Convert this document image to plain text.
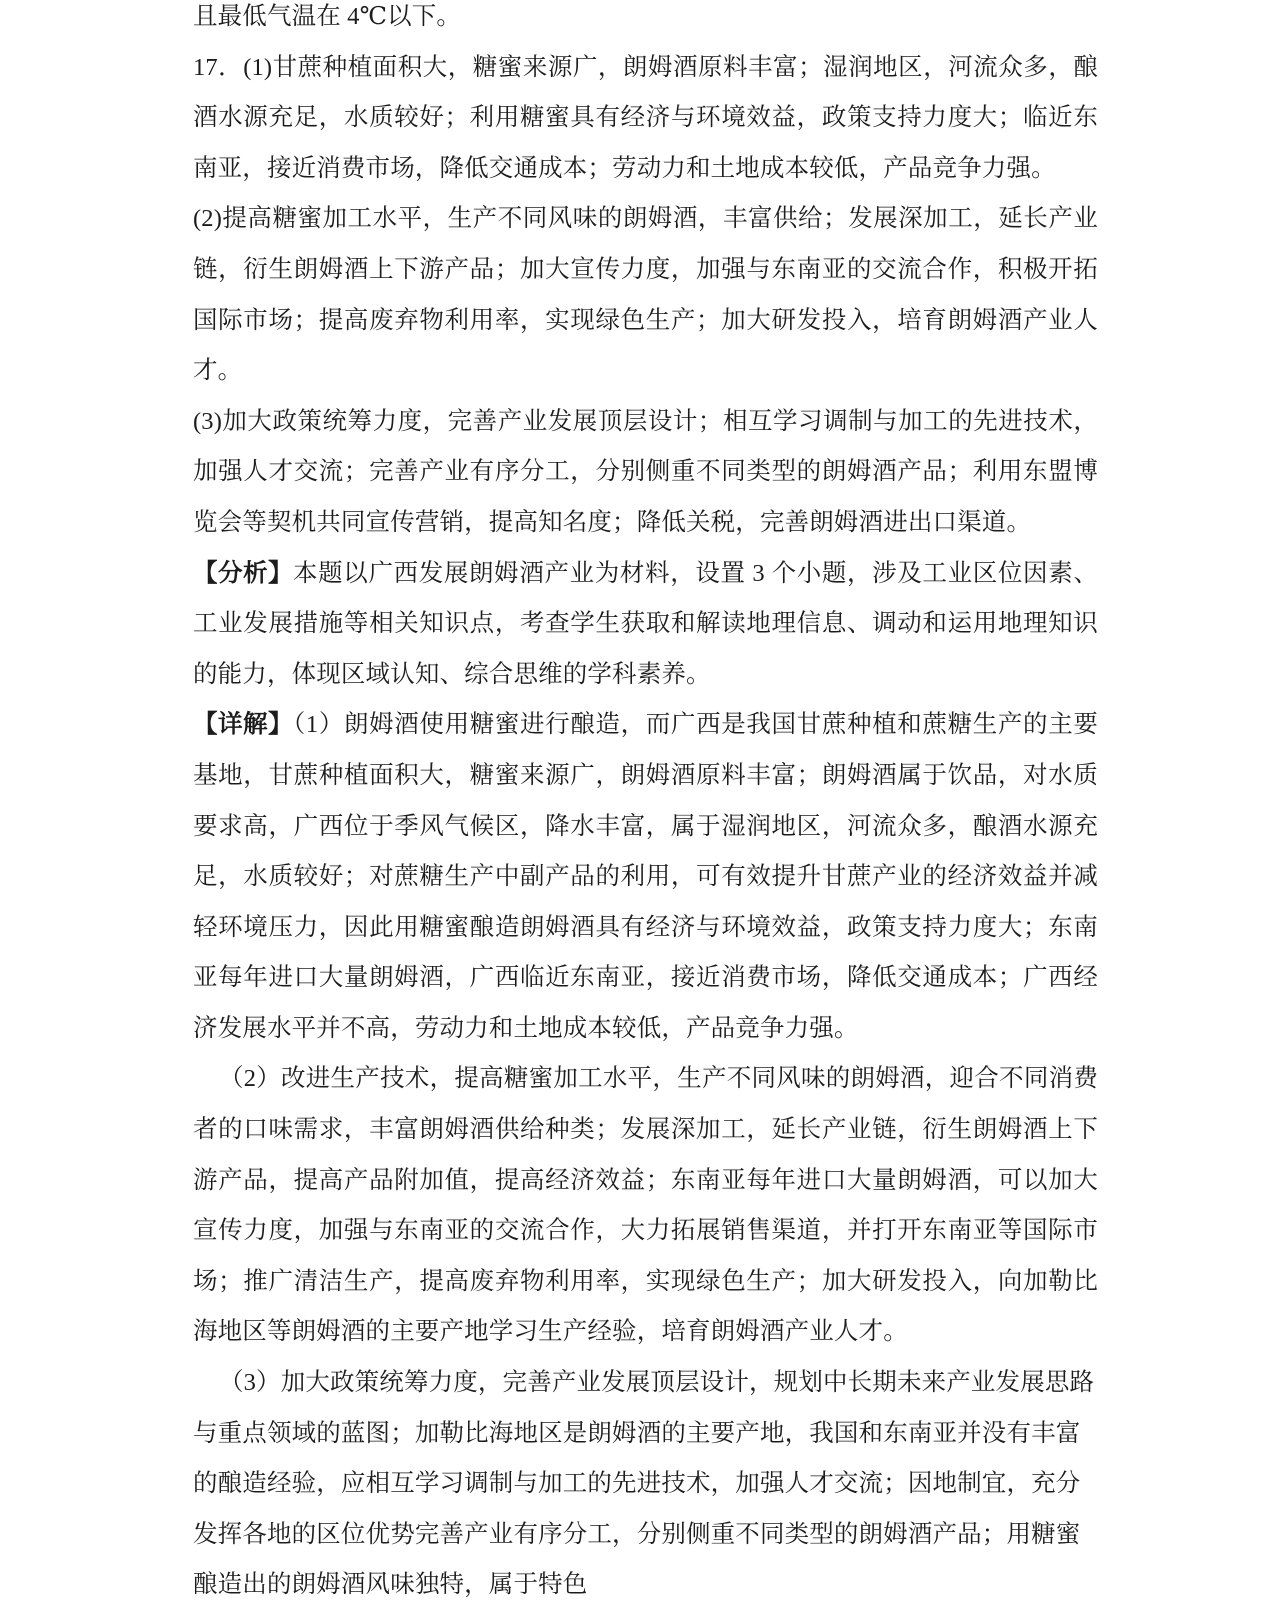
且最低气温在 4℃以下。

17．(1)甘蔗种植面积大，糖蜜来源广，朗姆酒原料丰富；湿润地区，河流众多，酿酒水源充足，水质较好；利用糖蜜具有经济与环境效益，政策支持力度大；临近东南亚，接近消费市场，降低交通成本；劳动力和土地成本较低，产品竞争力强。

(2)提高糖蜜加工水平，生产不同风味的朗姆酒，丰富供给；发展深加工，延长产业链，衍生朗姆酒上下游产品；加大宣传力度，加强与东南亚的交流合作，积极开拓国际市场；提高废弃物利用率，实现绿色生产；加大研发投入，培育朗姆酒产业人才。

(3)加大政策统筹力度，完善产业发展顶层设计；相互学习调制与加工的先进技术，加强人才交流；完善产业有序分工，分别侧重不同类型的朗姆酒产品；利用东盟博览会等契机共同宣传营销，提高知名度；降低关税，完善朗姆酒进出口渠道。

【分析】本题以广西发展朗姆酒产业为材料，设置 3 个小题，涉及工业区位因素、工业发展措施等相关知识点，考查学生获取和解读地理信息、调动和运用地理知识的能力，体现区域认知、综合思维的学科素养。

【详解】（1）朗姆酒使用糖蜜进行酿造，而广西是我国甘蔗种植和蔗糖生产的主要基地，甘蔗种植面积大，糖蜜来源广，朗姆酒原料丰富；朗姆酒属于饮品，对水质要求高，广西位于季风气候区，降水丰富，属于湿润地区，河流众多，酿酒水源充足，水质较好；对蔗糖生产中副产品的利用，可有效提升甘蔗产业的经济效益并减轻环境压力，因此用糖蜜酿造朗姆酒具有经济与环境效益，政策支持力度大；东南亚每年进口大量朗姆酒，广西临近东南亚，接近消费市场，降低交通成本；广西经济发展水平并不高，劳动力和土地成本较低，产品竞争力强。

（2）改进生产技术，提高糖蜜加工水平，生产不同风味的朗姆酒，迎合不同消费者的口味需求，丰富朗姆酒供给种类；发展深加工，延长产业链，衍生朗姆酒上下游产品，提高产品附加值，提高经济效益；东南亚每年进口大量朗姆酒，可以加大宣传力度，加强与东南亚的交流合作，大力拓展销售渠道，并打开东南亚等国际市场；推广清洁生产，提高废弃物利用率，实现绿色生产；加大研发投入，向加勒比海地区等朗姆酒的主要产地学习生产经验，培育朗姆酒产业人才。

（3）加大政策统筹力度，完善产业发展顶层设计，规划中长期未来产业发展思路与重点领域的蓝图；加勒比海地区是朗姆酒的主要产地，我国和东南亚并没有丰富的酿造经验，应相互学习调制与加工的先进技术，加强人才交流；因地制宜，充分发挥各地的区位优势完善产业有序分工，分别侧重不同类型的朗姆酒产品；用糖蜜酿造出的朗姆酒风味独特，属于特色
